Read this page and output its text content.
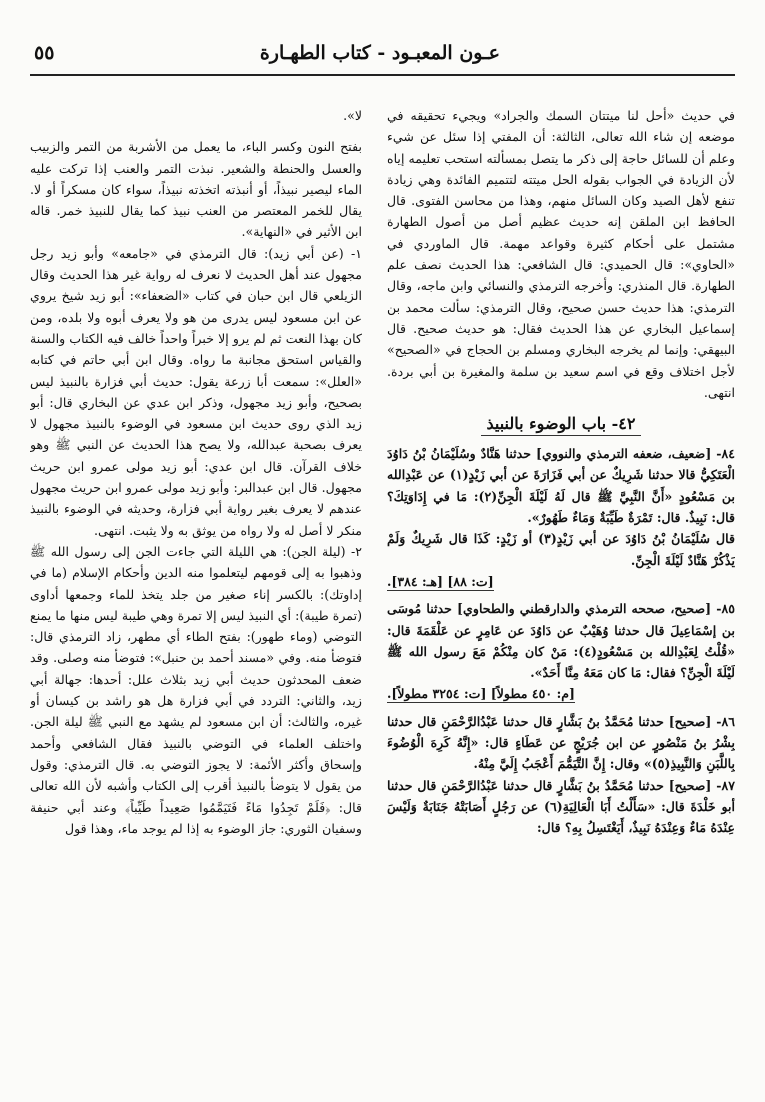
عـون المعبـود - كتاب الطهـارة
٥٥

في حديث «أحل لنا ميتتان السمك والجراد» ويجيء تحقيقه في موضعه إن شاء الله تعالى، الثالثة: أن المفتي إذا سئل عن شيء وعلم أن للسائل حاجة إلى ذكر ما يتصل بمسألته استحب تعليمه إياه لأن الزيادة في الجواب بقوله الحل ميتته لتتميم الفائدة وهي زيادة تنفع لأهل الصيد وكان السائل منهم، وهذا من محاسن الفتوى. قال الحافظ ابن الملقن إنه حديث عظيم أصل من أصول الطهارة مشتمل على أحكام كثيرة وقواعد مهمة. قال الماوردي في «الحاوي»: قال الحميدي: قال الشافعي: هذا الحديث نصف علم الطهارة. قال المنذري: وأخرجه الترمذي والنسائي وابن ماجه، وقال الترمذي: هذا حديث حسن صحيح، وقال الترمذي: سألت محمد بن إسماعيل البخاري عن هذا الحديث فقال: هو حديث صحيح. قال البيهقي: وإنما لم يخرجه البخاري ومسلم بن الحجاج في «الصحيح» لأجل اختلاف وقع في اسم سعيد بن سلمة والمغيرة بن أبي بردة. انتهى.

٤٢- باب الوضوء بالنبيذ

٨٤- [ضعيف، ضعفه الترمذي والنووي] حدثنا هَنَّادٌ وسُلَيْمَانُ بْنُ دَاوُدَ الْعَتَكِيُّ قالا حدثنا شَرِيكٌ عن أبي فَزَارَةَ عن أبي زَيْدٍ(١) عن عَبْدِالله بن مَسْعُودٍ «أَنَّ النَّبِيَّ ﷺ قال لَهُ لَيْلَةَ الْجِنِّ(٢): مَا في إِدَاوَتِكَ؟ قال: نَبِيذٌ. قال: تَمْرَةٌ طَيِّبَةٌ وَمَاءٌ طَهُورٌ».

قال سُلَيْمَانُ بْنُ دَاوُدَ عن أبي زَيْدٍ(٣) أو زَيْدٍ: كَذَا قال شَرِيكٌ وَلَمْ يَذْكُرْ هَنَّادٌ لَيْلَةَ الْجِنِّ.

[ت: ٨٨] [هـ: ٣٨٤].

٨٥- [صحيح، صححه الترمذي والدارقطني والطحاوي] حدثنا مُوسَى بن إسْمَاعِيلَ قال حدثنا وُهَيْبٌ عن دَاوُدَ عن عَامِرٍ عن عَلْقَمَةَ قال: «قُلْتُ لِعَبْدِالله بن مَسْعُودٍ(٤): مَنْ كان مِنْكُمْ مَعَ رسول الله ﷺ لَيْلَةَ الْجِنِّ؟ فقال: مَا كان مَعَهُ مِنَّا أَحَدٌ».

[م: ٤٥٠ مطولاً] [ت: ٣٢٥٤ مطولاً].

٨٦- [صحيح] حدثنا مُحَمَّدُ بنُ بَشَّارٍ قال حدثنا عَبْدُالرَّحْمَنِ قال حدثنا بِشْرُ بنُ مَنْصُورٍ عن ابن جُرَيْجٍ عن عَطَاءٍ قال: «إِنَّهُ كَرِهَ الْوُضُوءَ بِاللَّبَنِ وَالنَّبِيذِ(٥)» وقال: إِنَّ التَّيَمُّمَ أَعْجَبُ إِلَيَّ مِنْهُ.

٨٧- [صحيح] حدثنا مُحَمَّدُ بنُ بَشَّارٍ قال حدثنا عَبْدُالرَّحْمَنِ قال حدثنا أبو خَلْدَةَ قال: «سَأَلْتُ أَبَا الْعَالِيَةِ(٦) عن رَجُلٍ أَصَابَتْهُ جَنَابَةٌ وَلَيْسَ عِنْدَهُ مَاءٌ وَعِنْدَهُ نَبِيذٌ، أَيَغْتَسِلُ بِهِ؟ قال:

لا».

بفتح النون وكسر الباء، ما يعمل من الأشربة من التمر والزبيب والعسل والحنطة والشعير. نبذت التمر والعنب إذا تركت عليه الماء ليصير نبيذاً، أو أنبذته اتخذته نبيذاً، سواء كان مسكراً أو لا. يقال للخمر المعتصر من العنب نبيذ كما يقال للنبيذ خمر. قاله ابن الأثير في «النهاية».

١- (عن أبي زيد): قال الترمذي في «جامعه» وأبو زيد رجل مجهول عند أهل الحديث لا نعرف له رواية غير هذا الحديث وقال الزيلعي قال ابن حبان في كتاب «الضعفاء»: أبو زيد شيخ يروي عن ابن مسعود ليس يدرى من هو ولا يعرف أبوه ولا بلده، ومن كان بهذا النعت ثم لم يرو إلا خبراً واحداً خالف فيه الكتاب والسنة والقياس استحق مجانبة ما رواه. وقال ابن أبي حاتم في كتابه «العلل»: سمعت أبا زرعة يقول: حديث أبي فزارة بالنبيذ ليس بصحيح، وأبو زيد مجهول، وذكر ابن عدي عن البخاري قال: أبو زيد الذي روى حديث ابن مسعود في الوضوء بالنبيذ مجهول لا يعرف بصحبة عبدالله، ولا يصح هذا الحديث عن النبي ﷺ وهو خلاف القرآن. قال ابن عدي: أبو زيد مولى عمرو ابن حريث مجهول. قال ابن عبدالبر: وأبو زيد مولى عمرو ابن حريث مجهول عندهم لا يعرف بغير رواية أبي فزارة، وحديثه في الوضوء بالنبيذ منكر لا أصل له ولا رواه من يوثق به ولا يثبت. انتهى.

٢- (ليلة الجن): هي الليلة التي جاءت الجن إلى رسول الله ﷺ وذهبوا به إلى قومهم ليتعلموا منه الدين وأحكام الإسلام (ما في إداوتك): بالكسر إناء صغير من جلد يتخذ للماء وجمعها أداوى (تمرة طيبة): أي النبيذ ليس إلا تمرة وهي طيبة ليس منها ما يمنع التوضي (وماء طهور): بفتح الطاء أي مطهر، زاد الترمذي قال: فتوضأ منه. وفي «مسند أحمد بن حنبل»: فتوضأ منه وصلى. وقد ضعف المحدثون حديث أبي زيد بثلاث علل: أحدها: جهالة أبي زيد، والثاني: التردد في أبي فزارة هل هو راشد بن كيسان أو غيره، والثالث: أن ابن مسعود لم يشهد مع النبي ﷺ ليلة الجن. واختلف العلماء في التوضي بالنبيذ فقال الشافعي وأحمد وإسحاق وأكثر الأئمة: لا يجوز التوضي به. قال الترمذي: وقول من يقول لا يتوضأ بالنبيذ أقرب إلى الكتاب وأشبه لأن الله تعالى قال: ﴿فَلَمْ تَجِدُوا مَاءً فَتَيَمَّمُوا صَعِيداً طَيِّباً﴾ وعند أبي حنيفة وسفيان الثوري: جاز الوضوء به إذا لم يوجد ماء، وهذا قول
